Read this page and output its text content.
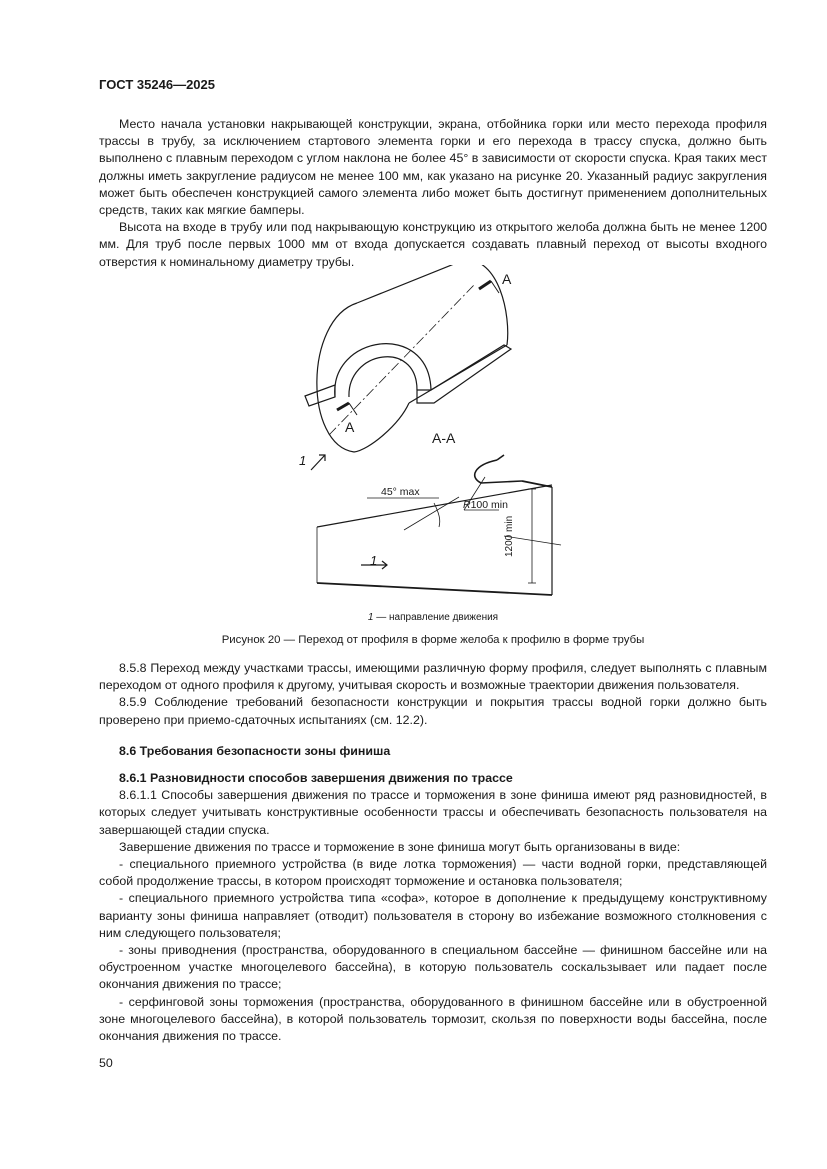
ГОСТ 35246—2025

Место начала установки накрывающей конструкции, экрана, отбойника горки или место перехода профиля трассы в трубу, за исключением стартового элемента горки и его перехода в трассу спуска, должно быть выполнено с плавным переходом с углом наклона не более 45° в зависимости от скорости спуска. Края таких мест должны иметь закругление радиусом не менее 100 мм, как указано на рисунке 20. Указанный радиус закругления может быть обеспечен конструкцией самого элемента либо может быть достигнут применением дополнительных средств, таких как мягкие бамперы.

Высота на входе в трубу или под накрывающую конструкцию из открытого желоба должна быть не менее 1200 мм. Для труб после первых 1000 мм от входа допускается создавать плавный переход от высоты входного отверстия к номинальному диаметру трубы.

A
A
A-A
1
1
45° max
R100 min
1200 min
1 — направление движения
Рисунок 20 — Переход от профиля в форме желоба к профилю в форме трубы

8.5.8 Переход между участками трассы, имеющими различную форму профиля, следует выполнять с плавным переходом от одного профиля к другому, учитывая скорость и возможные траектории движения пользователя.

8.5.9 Соблюдение требований безопасности конструкции и покрытия трассы водной горки должно быть проверено при приемо-сдаточных испытаниях (см. 12.2).

8.6 Требования безопасности зоны финиша

8.6.1 Разновидности способов завершения движения по трассе

8.6.1.1 Способы завершения движения по трассе и торможения в зоне финиша имеют ряд разновидностей, в которых следует учитывать конструктивные особенности трассы и обеспечивать безопасность пользователя на завершающей стадии спуска.

Завершение движения по трассе и торможение в зоне финиша могут быть организованы в виде:

- специального приемного устройства (в виде лотка торможения) — части водной горки, представляющей собой продолжение трассы, в котором происходят торможение и остановка пользователя;

- специального приемного устройства типа «софа», которое в дополнение к предыдущему конструктивному варианту зоны финиша направляет (отводит) пользователя в сторону во избежание возможного столкновения с ним следующего пользователя;

- зоны приводнения (пространства, оборудованного в специальном бассейне — финишном бассейне или на обустроенном участке многоцелевого бассейна), в которую пользователь соскальзывает или падает после окончания движения по трассе;

- серфинговой зоны торможения (пространства, оборудованного в финишном бассейне или в обустроенной зоне многоцелевого бассейна), в которой пользователь тормозит, скользя по поверхности воды бассейна, после окончания движения по трассе.

50
